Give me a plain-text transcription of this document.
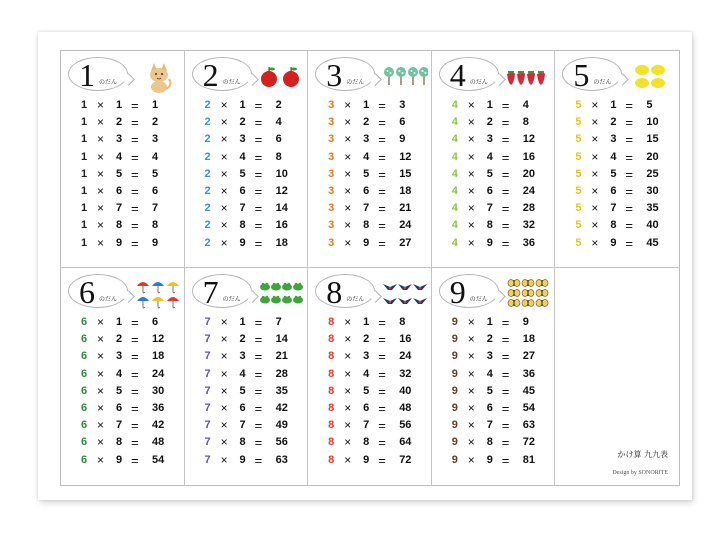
1 のだん
1 × 1 = 1
1 × 2 = 2
1 × 3 = 3
1 × 4 = 4
1 × 5 = 5
1 × 6 = 6
1 × 7 = 7
1 × 8 = 8
1 × 9 = 9
2 のだん
2 × 1 = 2
2 × 2 = 4
2 × 3 = 6
2 × 4 = 8
2 × 5 = 10
2 × 6 = 12
2 × 7 = 14
2 × 8 = 16
2 × 9 = 18
3 のだん
3 × 1 = 3
3 × 2 = 6
3 × 3 = 9
3 × 4 = 12
3 × 5 = 15
3 × 6 = 18
3 × 7 = 21
3 × 8 = 24
3 × 9 = 27
4 のだん
4 × 1 = 4
4 × 2 = 8
4 × 3 = 12
4 × 4 = 16
4 × 5 = 20
4 × 6 = 24
4 × 7 = 28
4 × 8 = 32
4 × 9 = 36
5 のだん
5 × 1 = 5
5 × 2 = 10
5 × 3 = 15
5 × 4 = 20
5 × 5 = 25
5 × 6 = 30
5 × 7 = 35
5 × 8 = 40
5 × 9 = 45
6 のだん
6 × 1 = 6
6 × 2 = 12
6 × 3 = 18
6 × 4 = 24
6 × 5 = 30
6 × 6 = 36
6 × 7 = 42
6 × 8 = 48
6 × 9 = 54
7 のだん
7 × 1 = 7
7 × 2 = 14
7 × 3 = 21
7 × 4 = 28
7 × 5 = 35
7 × 6 = 42
7 × 7 = 49
7 × 8 = 56
7 × 9 = 63
8 のだん
8 × 1 = 8
8 × 2 = 16
8 × 3 = 24
8 × 4 = 32
8 × 5 = 40
8 × 6 = 48
8 × 7 = 56
8 × 8 = 64
8 × 9 = 72
9 のだん
9 × 1 = 9
9 × 2 = 18
9 × 3 = 27
9 × 4 = 36
9 × 5 = 45
9 × 6 = 54
9 × 7 = 63
9 × 8 = 72
9 × 9 = 81	かけ算 九九表
Design by SONORITE
